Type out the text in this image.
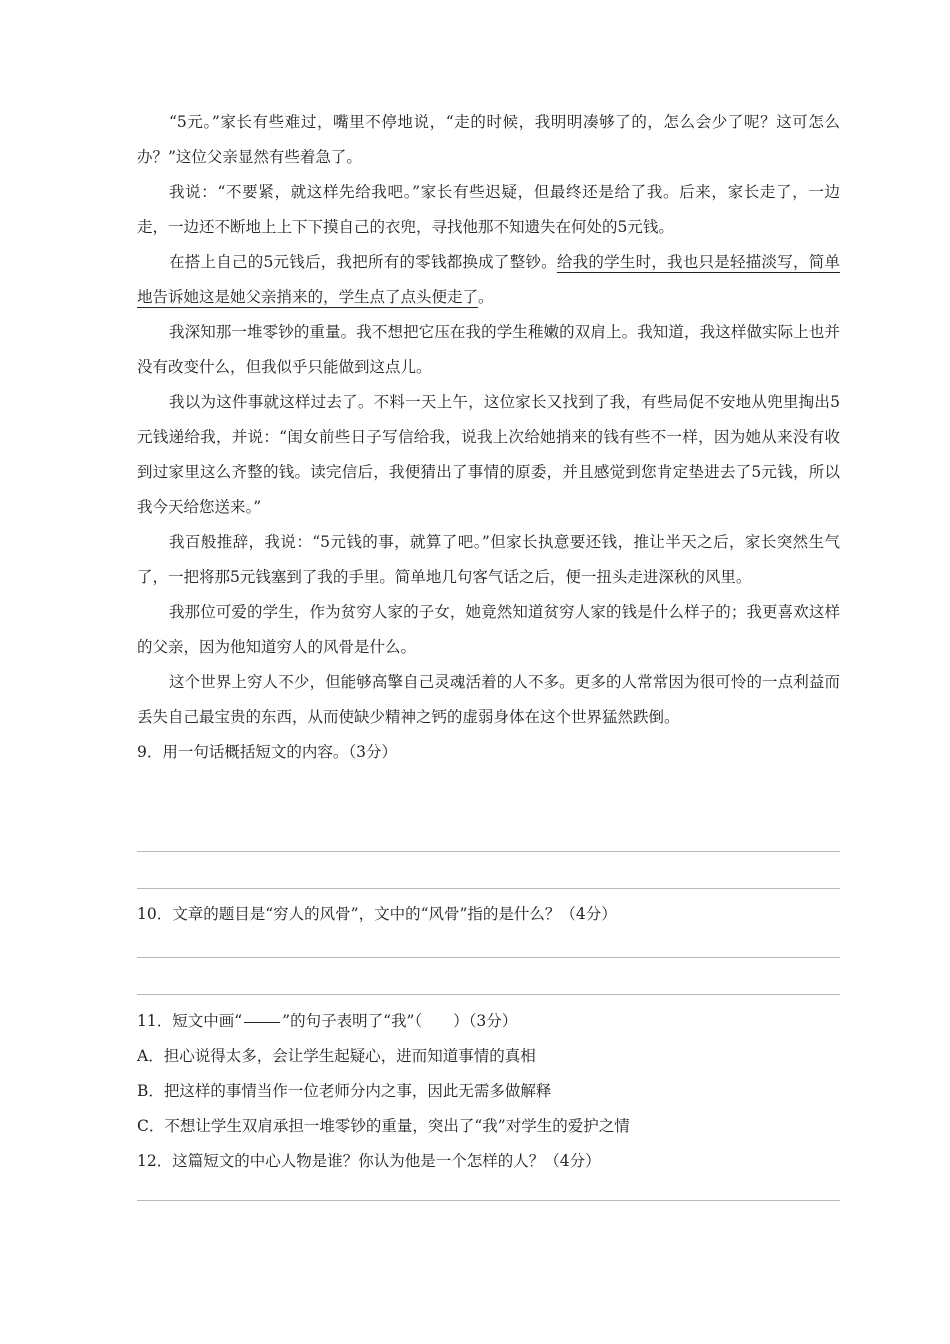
“5元。”家长有些难过，嘴里不停地说，“走的时候，我明明凑够了的，怎么会少了呢？这可怎么办？”这位父亲显然有些着急了。

我说：“不要紧，就这样先给我吧。”家长有些迟疑，但最终还是给了我。后来，家长走了，一边走，一边还不断地上上下下摸自己的衣兜，寻找他那不知遗失在何处的5元钱。

在搭上自己的5元钱后，我把所有的零钱都换成了整钞。给我的学生时，我也只是轻描淡写，简单地告诉她这是她父亲捎来的，学生点了点头便走了。

我深知那一堆零钞的重量。我不想把它压在我的学生稚嫩的双肩上。我知道，我这样做实际上也并没有改变什么，但我似乎只能做到这点儿。

我以为这件事就这样过去了。不料一天上午，这位家长又找到了我，有些局促不安地从兜里掏出5元钱递给我，并说：“闺女前些日子写信给我，说我上次给她捎来的钱有些不一样，因为她从来没有收到过家里这么齐整的钱。读完信后，我便猜出了事情的原委，并且感觉到您肯定垫进去了5元钱，所以我今天给您送来。”

我百般推辞，我说：“5元钱的事，就算了吧。”但家长执意要还钱，推让半天之后，家长突然生气了，一把将那5元钱塞到了我的手里。简单地几句客气话之后，便一扭头走进深秋的风里。

我那位可爱的学生，作为贫穷人家的子女，她竟然知道贫穷人家的钱是什么样子的；我更喜欢这样的父亲，因为他知道穷人的风骨是什么。

这个世界上穷人不少，但能够高擎自己灵魂活着的人不多。更多的人常常因为很可怜的一点利益而丢失自己最宝贵的东西，从而使缺少精神之钙的虚弱身体在这个世界猛然跌倒。

9．用一句话概括短文的内容。（3分）

10．文章的题目是“穷人的风骨”，文中的“风骨”指的是什么？（4分）

11．短文中画“	”的句子表明了“我”（　　）（3分）

A．担心说得太多，会让学生起疑心，进而知道事情的真相

B．把这样的事情当作一位老师分内之事，因此无需多做解释

C．不想让学生双肩承担一堆零钞的重量，突出了“我”对学生的爱护之情

12．这篇短文的中心人物是谁？你认为他是一个怎样的人？（4分）
